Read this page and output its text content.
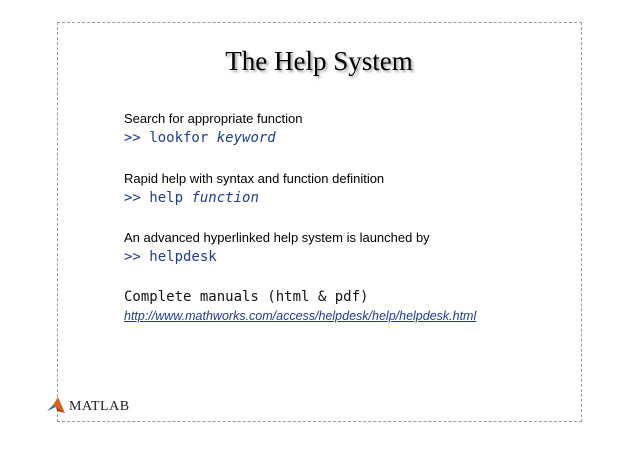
The Help System
Search for appropriate function
>> lookfor keyword
Rapid help with syntax and function definition
>> help function
An advanced hyperlinked help system is launched by
>> helpdesk
Complete manuals (html & pdf)
http://www.mathworks.com/access/helpdesk/help/helpdesk.html
MATLAB
